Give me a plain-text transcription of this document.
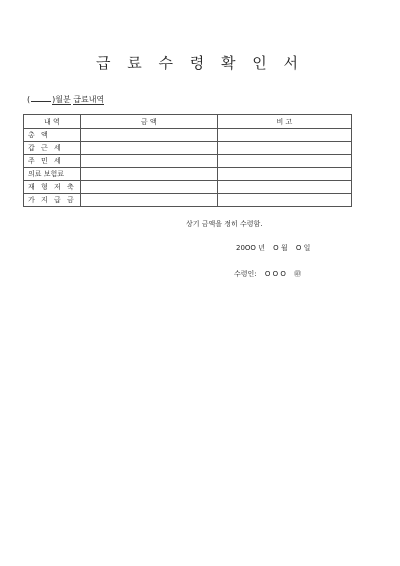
급 료 수 령 확 인 서
(	)월분 급료내역
내 역	금 액	비 고
총 액		
갑 근 세		
주 민 세		
의료 보험료		
재 형 저 축		
가 지 급 금		
상기 금액을 정히 수령함.
20OO 년 O 월 O 일
수령인: O O O ㊞
